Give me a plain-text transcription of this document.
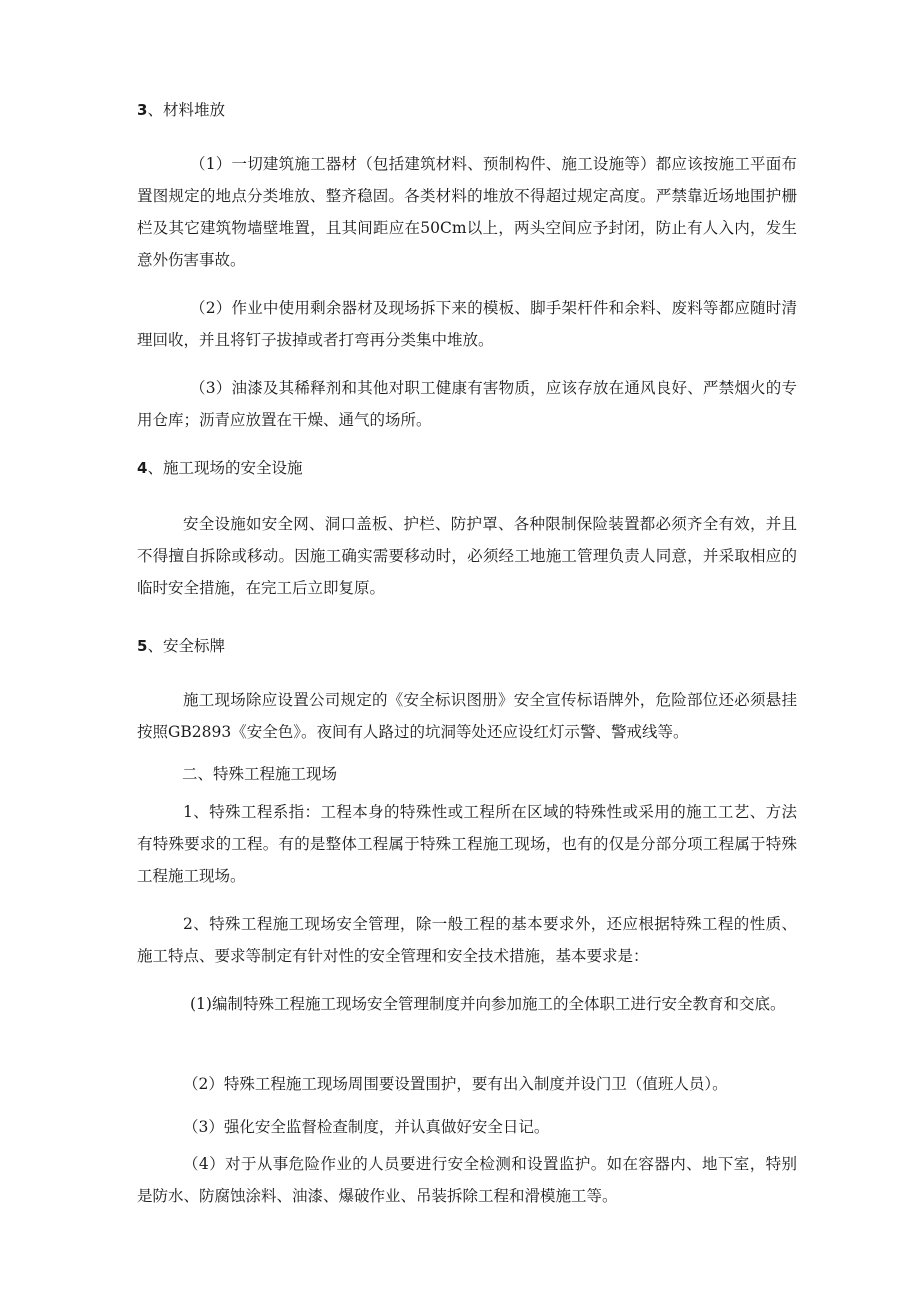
3、材料堆放
（1）一切建筑施工器材（包括建筑材料、预制构件、施工设施等）都应该按施工平面布置图规定的地点分类堆放、整齐稳固。各类材料的堆放不得超过规定高度。严禁靠近场地围护栅栏及其它建筑物墙壁堆置，且其间距应在50Cm以上，两头空间应予封闭，防止有人入内，发生意外伤害事故。
（2）作业中使用剩余器材及现场拆下来的模板、脚手架杆件和余料、废料等都应随时清理回收，并且将钉子拔掉或者打弯再分类集中堆放。
（3）油漆及其稀释剂和其他对职工健康有害物质，应该存放在通风良好、严禁烟火的专用仓库；沥青应放置在干燥、通气的场所。
4、施工现场的安全设施
安全设施如安全网、洞口盖板、护栏、防护罩、各种限制保险装置都必须齐全有效，并且不得擅自拆除或移动。因施工确实需要移动时，必须经工地施工管理负责人同意，并采取相应的临时安全措施，在完工后立即复原。
5、安全标牌
施工现场除应设置公司规定的《安全标识图册》安全宣传标语牌外，危险部位还必须悬挂按照GB2893《安全色》。夜间有人路过的坑洞等处还应设红灯示警、警戒线等。
二、特殊工程施工现场
1、特殊工程系指：工程本身的特殊性或工程所在区域的特殊性或采用的施工工艺、方法有特殊要求的工程。有的是整体工程属于特殊工程施工现场，也有的仅是分部分项工程属于特殊工程施工现场。
2、特殊工程施工现场安全管理，除一般工程的基本要求外，还应根据特殊工程的性质、施工特点、要求等制定有针对性的安全管理和安全技术措施，基本要求是：
(1)编制特殊工程施工现场安全管理制度并向参加施工的全体职工进行安全教育和交底。
（2）特殊工程施工现场周围要设置围护，要有出入制度并设门卫（值班人员）。
（3）强化安全监督检查制度，并认真做好安全日记。
（4）对于从事危险作业的人员要进行安全检测和设置监护。如在容器内、地下室，特别是防水、防腐蚀涂料、油漆、爆破作业、吊装拆除工程和滑模施工等。
